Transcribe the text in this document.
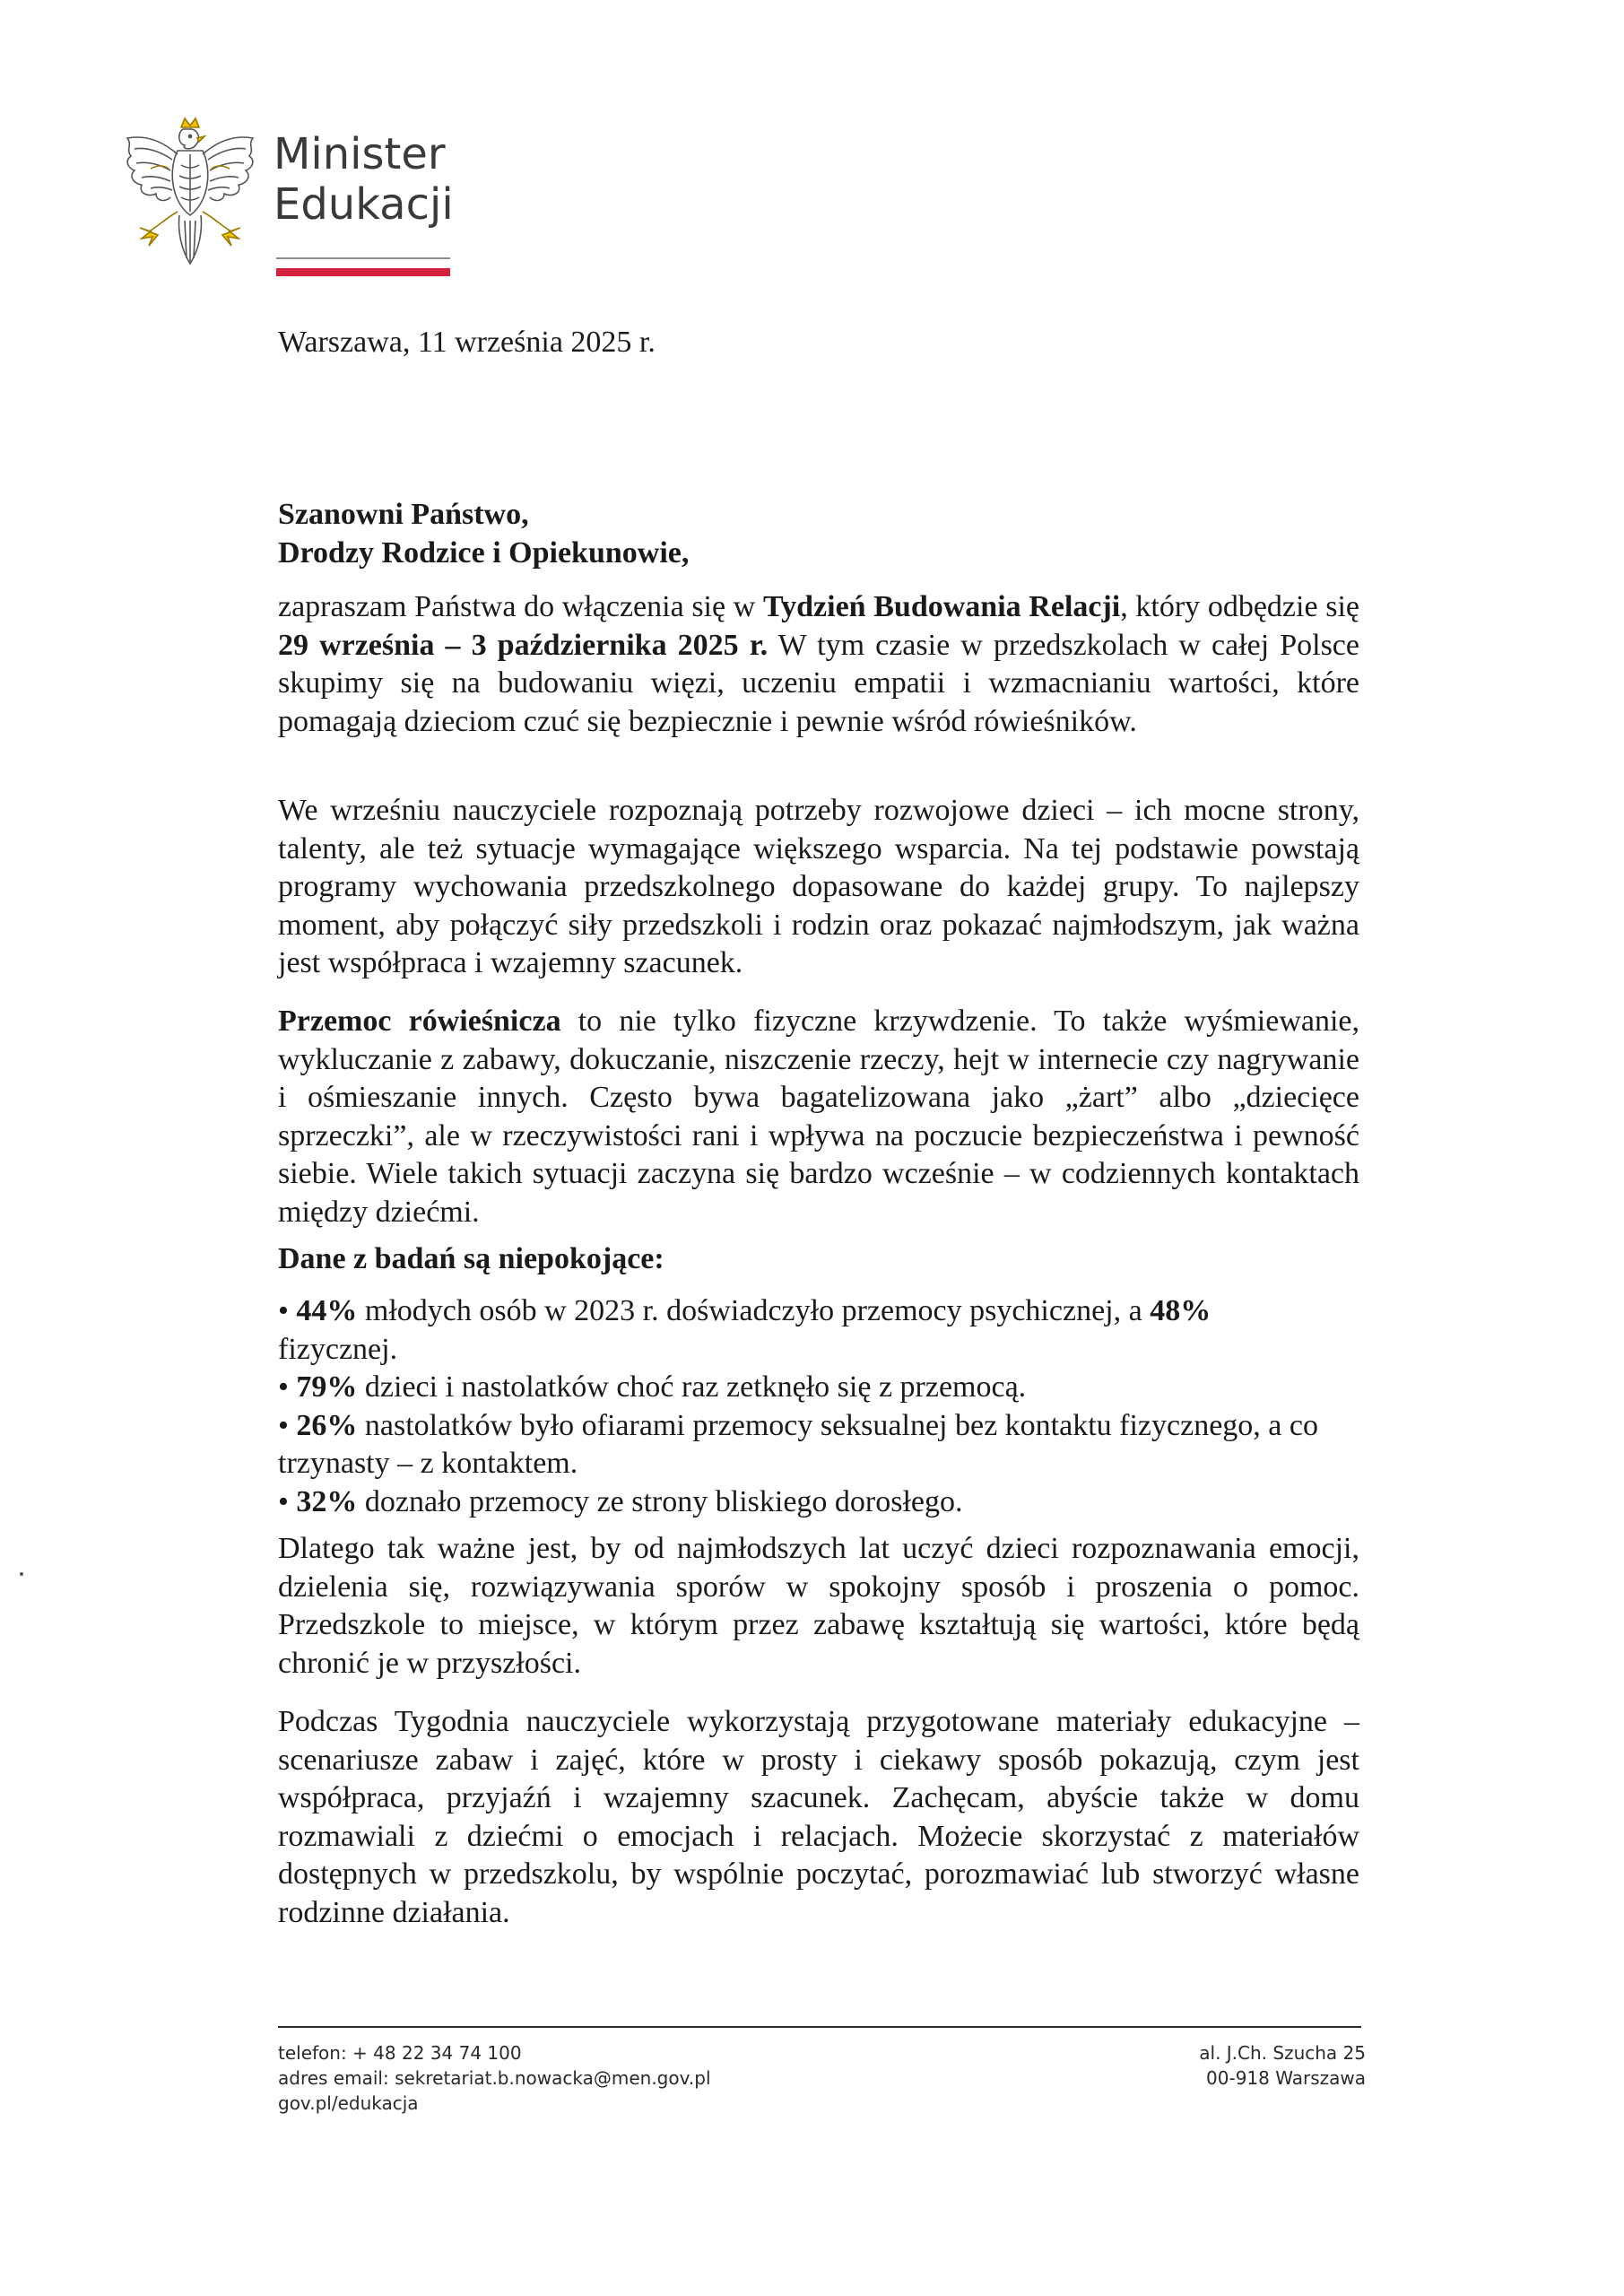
Minister
Edukacji
Warszawa, 11 września 2025 r.
Szanowni Państwo,
Drodzy Rodzice i Opiekunowie,

zapraszam Państwa do włączenia się w Tydzień Budowania Relacji, który odbędzie się 29 września – 3 października 2025 r. W tym czasie w przedszkolach w całej Polsce skupimy się na budowaniu więzi, uczeniu empatii i wzmacnianiu wartości, które pomagają dzieciom czuć się bezpiecznie i pewnie wśród rówieśników.

We wrześniu nauczyciele rozpoznają potrzeby rozwojowe dzieci – ich mocne strony, talenty, ale też sytuacje wymagające większego wsparcia. Na tej podstawie powstają programy wychowania przedszkolnego dopasowane do każdej grupy. To najlepszy moment, aby połączyć siły przedszkoli i rodzin oraz pokazać najmłodszym, jak ważna jest współpraca i wzajemny szacunek.

Przemoc rówieśnicza to nie tylko fizyczne krzywdzenie. To także wyśmiewanie, wykluczanie z zabawy, dokuczanie, niszczenie rzeczy, hejt w internecie czy nagrywanie i ośmieszanie innych. Często bywa bagatelizowana jako „żart” albo „dziecięce sprzeczki”, ale w rzeczywistości rani i wpływa na poczucie bezpieczeństwa i pewność siebie. Wiele takich sytuacji zaczyna się bardzo wcześnie – w codziennych kontaktach między dziećmi.

Dane z badań są niepokojące:
• 44% młodych osób w 2023 r. doświadczyło przemocy psychicznej, a 48%
fizycznej.
• 79% dzieci i nastolatków choć raz zetknęło się z przemocą.
• 26% nastolatków było ofiarami przemocy seksualnej bez kontaktu fizycznego, a co trzynasty – z kontaktem.
• 32% doznało przemocy ze strony bliskiego dorosłego.

Dlatego tak ważne jest, by od najmłodszych lat uczyć dzieci rozpoznawania emocji, dzielenia się, rozwiązywania sporów w spokojny sposób i proszenia o pomoc. Przedszkole to miejsce, w którym przez zabawę kształtują się wartości, które będą chronić je w przyszłości.

Podczas Tygodnia nauczyciele wykorzystają przygotowane materiały edukacyjne – scenariusze zabaw i zajęć, które w prosty i ciekawy sposób pokazują, czym jest współpraca, przyjaźń i wzajemny szacunek. Zachęcam, abyście także w domu rozmawiali z dziećmi o emocjach i relacjach. Możecie skorzystać z materiałów dostępnych w przedszkolu, by wspólnie poczytać, porozmawiać lub stworzyć własne rodzinne działania.

telefon: + 48 22 34 74 100
adres email: sekretariat.b.nowacka@men.gov.pl
gov.pl/edukacja
al. J.Ch. Szucha 25
00-918 Warszawa
